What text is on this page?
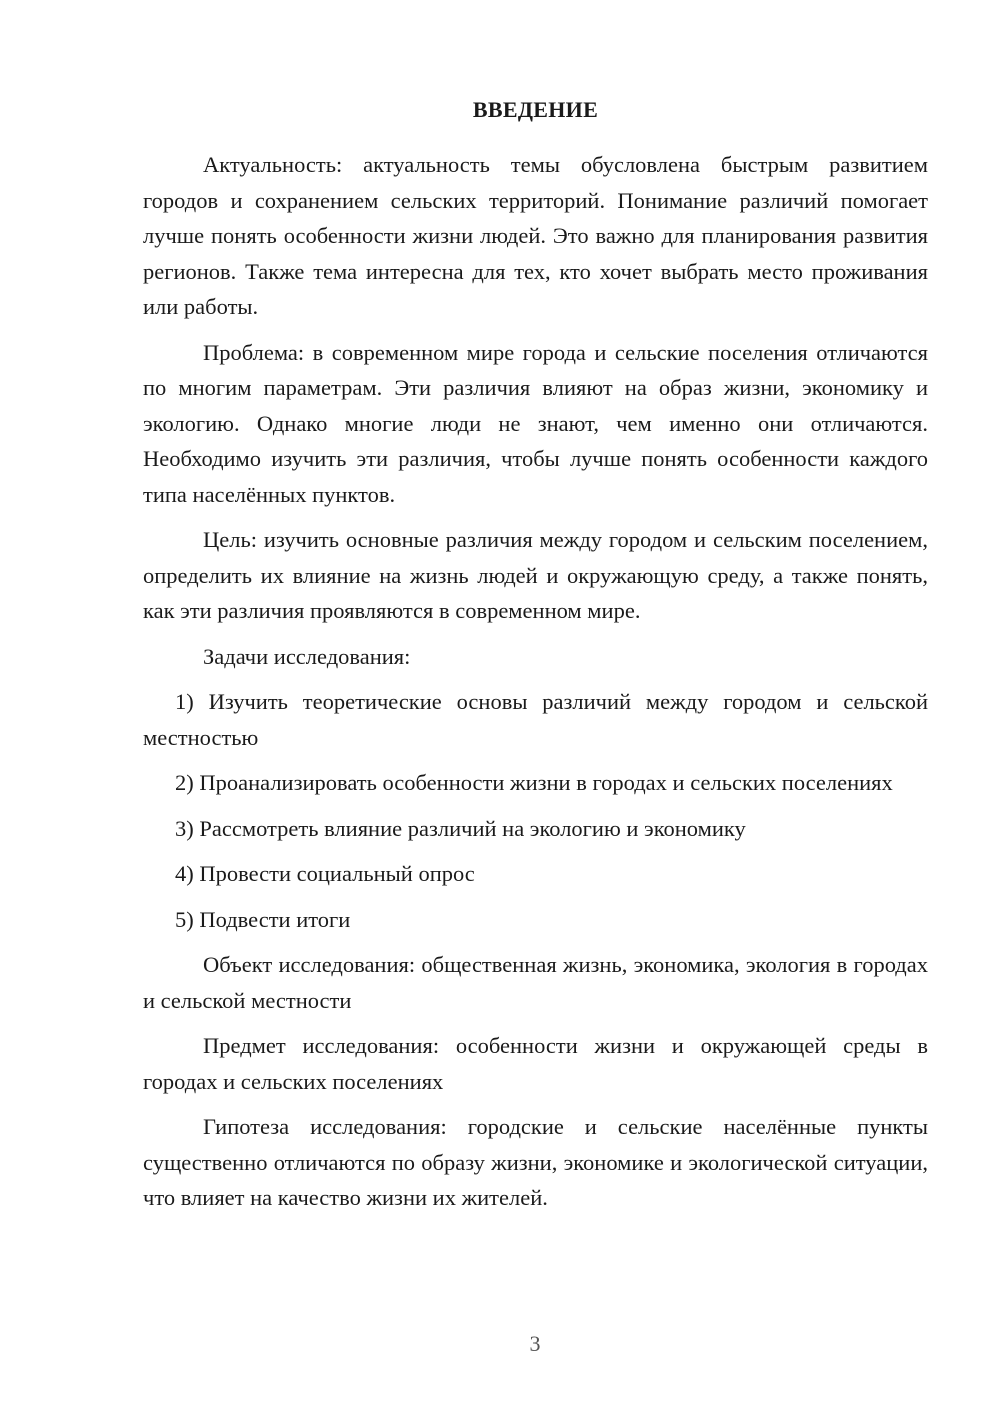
ВВЕДЕНИЕ

Актуальность: актуальность темы обусловлена быстрым развитием городов и сохранением сельских территорий. Понимание различий помогает лучше понять особенности жизни людей. Это важно для планирования развития регионов. Также тема интересна для тех, кто хочет выбрать место проживания или работы.

Проблема: в современном мире города и сельские поселения отличаются по многим параметрам. Эти различия влияют на образ жизни, экономику и экологию. Однако многие люди не знают, чем именно они отличаются. Необходимо изучить эти различия, чтобы лучше понять особенности каждого типа населённых пунктов.

Цель: изучить основные различия между городом и сельским поселением, определить их влияние на жизнь людей и окружающую среду, а также понять, как эти различия проявляются в современном мире.

Задачи исследования:

1) Изучить теоретические основы различий между городом и сельской местностью

2) Проанализировать особенности жизни в городах и сельских поселениях

3) Рассмотреть влияние различий на экологию и экономику

4) Провести социальный опрос

5) Подвести итоги

Объект исследования: общественная жизнь, экономика, экология в городах и сельской местности

Предмет исследования: особенности жизни и окружающей среды в городах и сельских поселениях

Гипотеза исследования: городские и сельские населённые пункты существенно отличаются по образу жизни, экономике и экологической ситуации, что влияет на качество жизни их жителей.

3
